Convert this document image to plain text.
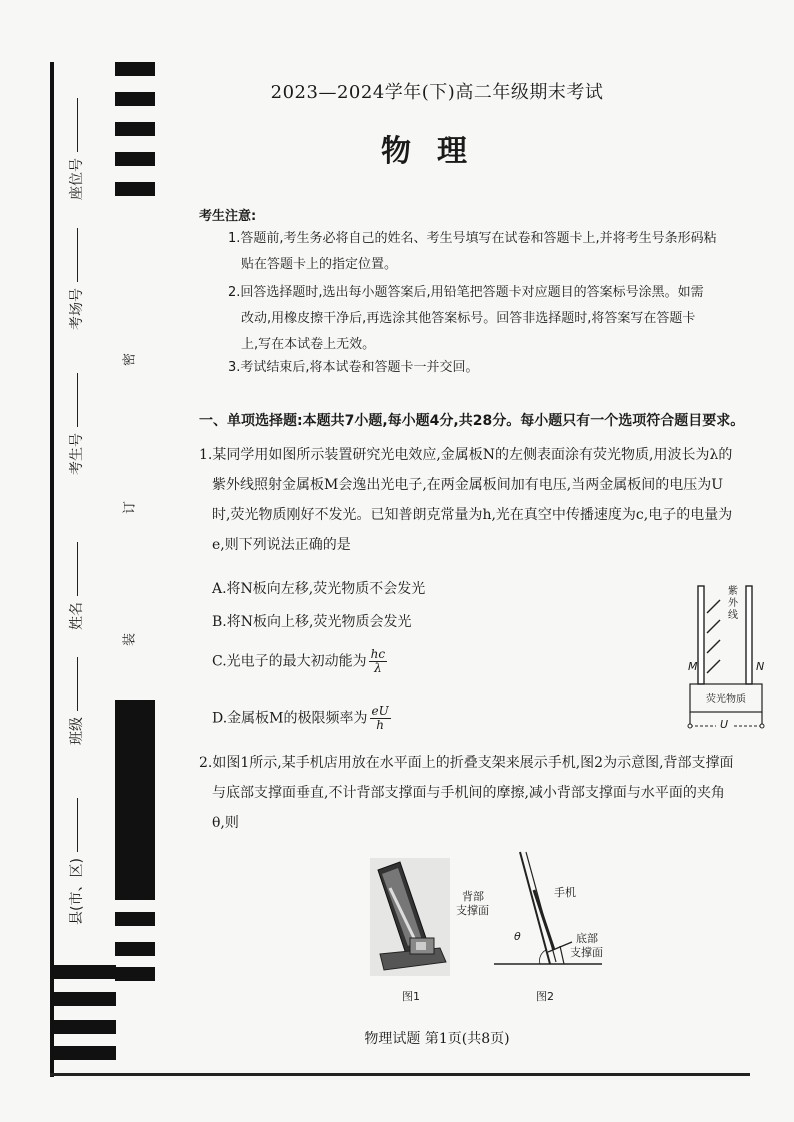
密
订
装
座位号
考场号
考生号
姓名
班级
县(市、区)
2023—2024学年(下)高二年级期末考试
物理
考生注意:
1.答题前,考生务必将自己的姓名、考生号填写在试卷和答题卡上,并将考生号条形码粘
贴在答题卡上的指定位置。
2.回答选择题时,选出每小题答案后,用铅笔把答题卡对应题目的答案标号涂黑。如需
改动,用橡皮擦干净后,再选涂其他答案标号。回答非选择题时,将答案写在答题卡
上,写在本试卷上无效。
3.考试结束后,将本试卷和答题卡一并交回。
一、单项选择题:本题共7小题,每小题4分,共28分。每小题只有一个选项符合题目要求。
1.某同学用如图所示装置研究光电效应,金属板N的左侧表面涂有荧光物质,用波长为λ的
紫外线照射金属板M会逸出光电子,在两金属板间加有电压,当两金属板间的电压为U
时,荧光物质刚好不发光。已知普朗克常量为h,光在真空中传播速度为c,电子的电量为
e,则下列说法正确的是
A.将N板向左移,荧光物质不会发光
B.将N板向上移,荧光物质会发光
C.光电子的最大初动能为 $\frac{hc}{\lambda}$
D.金属板M的极限频率为 $\frac{eU}{h}$
紫外线
M	N
荧光物质
U
2.如图1所示,某手机店用放在水平面上的折叠支架来展示手机,图2为示意图,背部支撑面
与底部支撑面垂直,不计背部支撑面与手机间的摩擦,减小背部支撑面与水平面的夹角
θ,则
图1
背部
支撑面
手机
底部
支撑面
θ
图2
物理试题 第1页(共8页)
